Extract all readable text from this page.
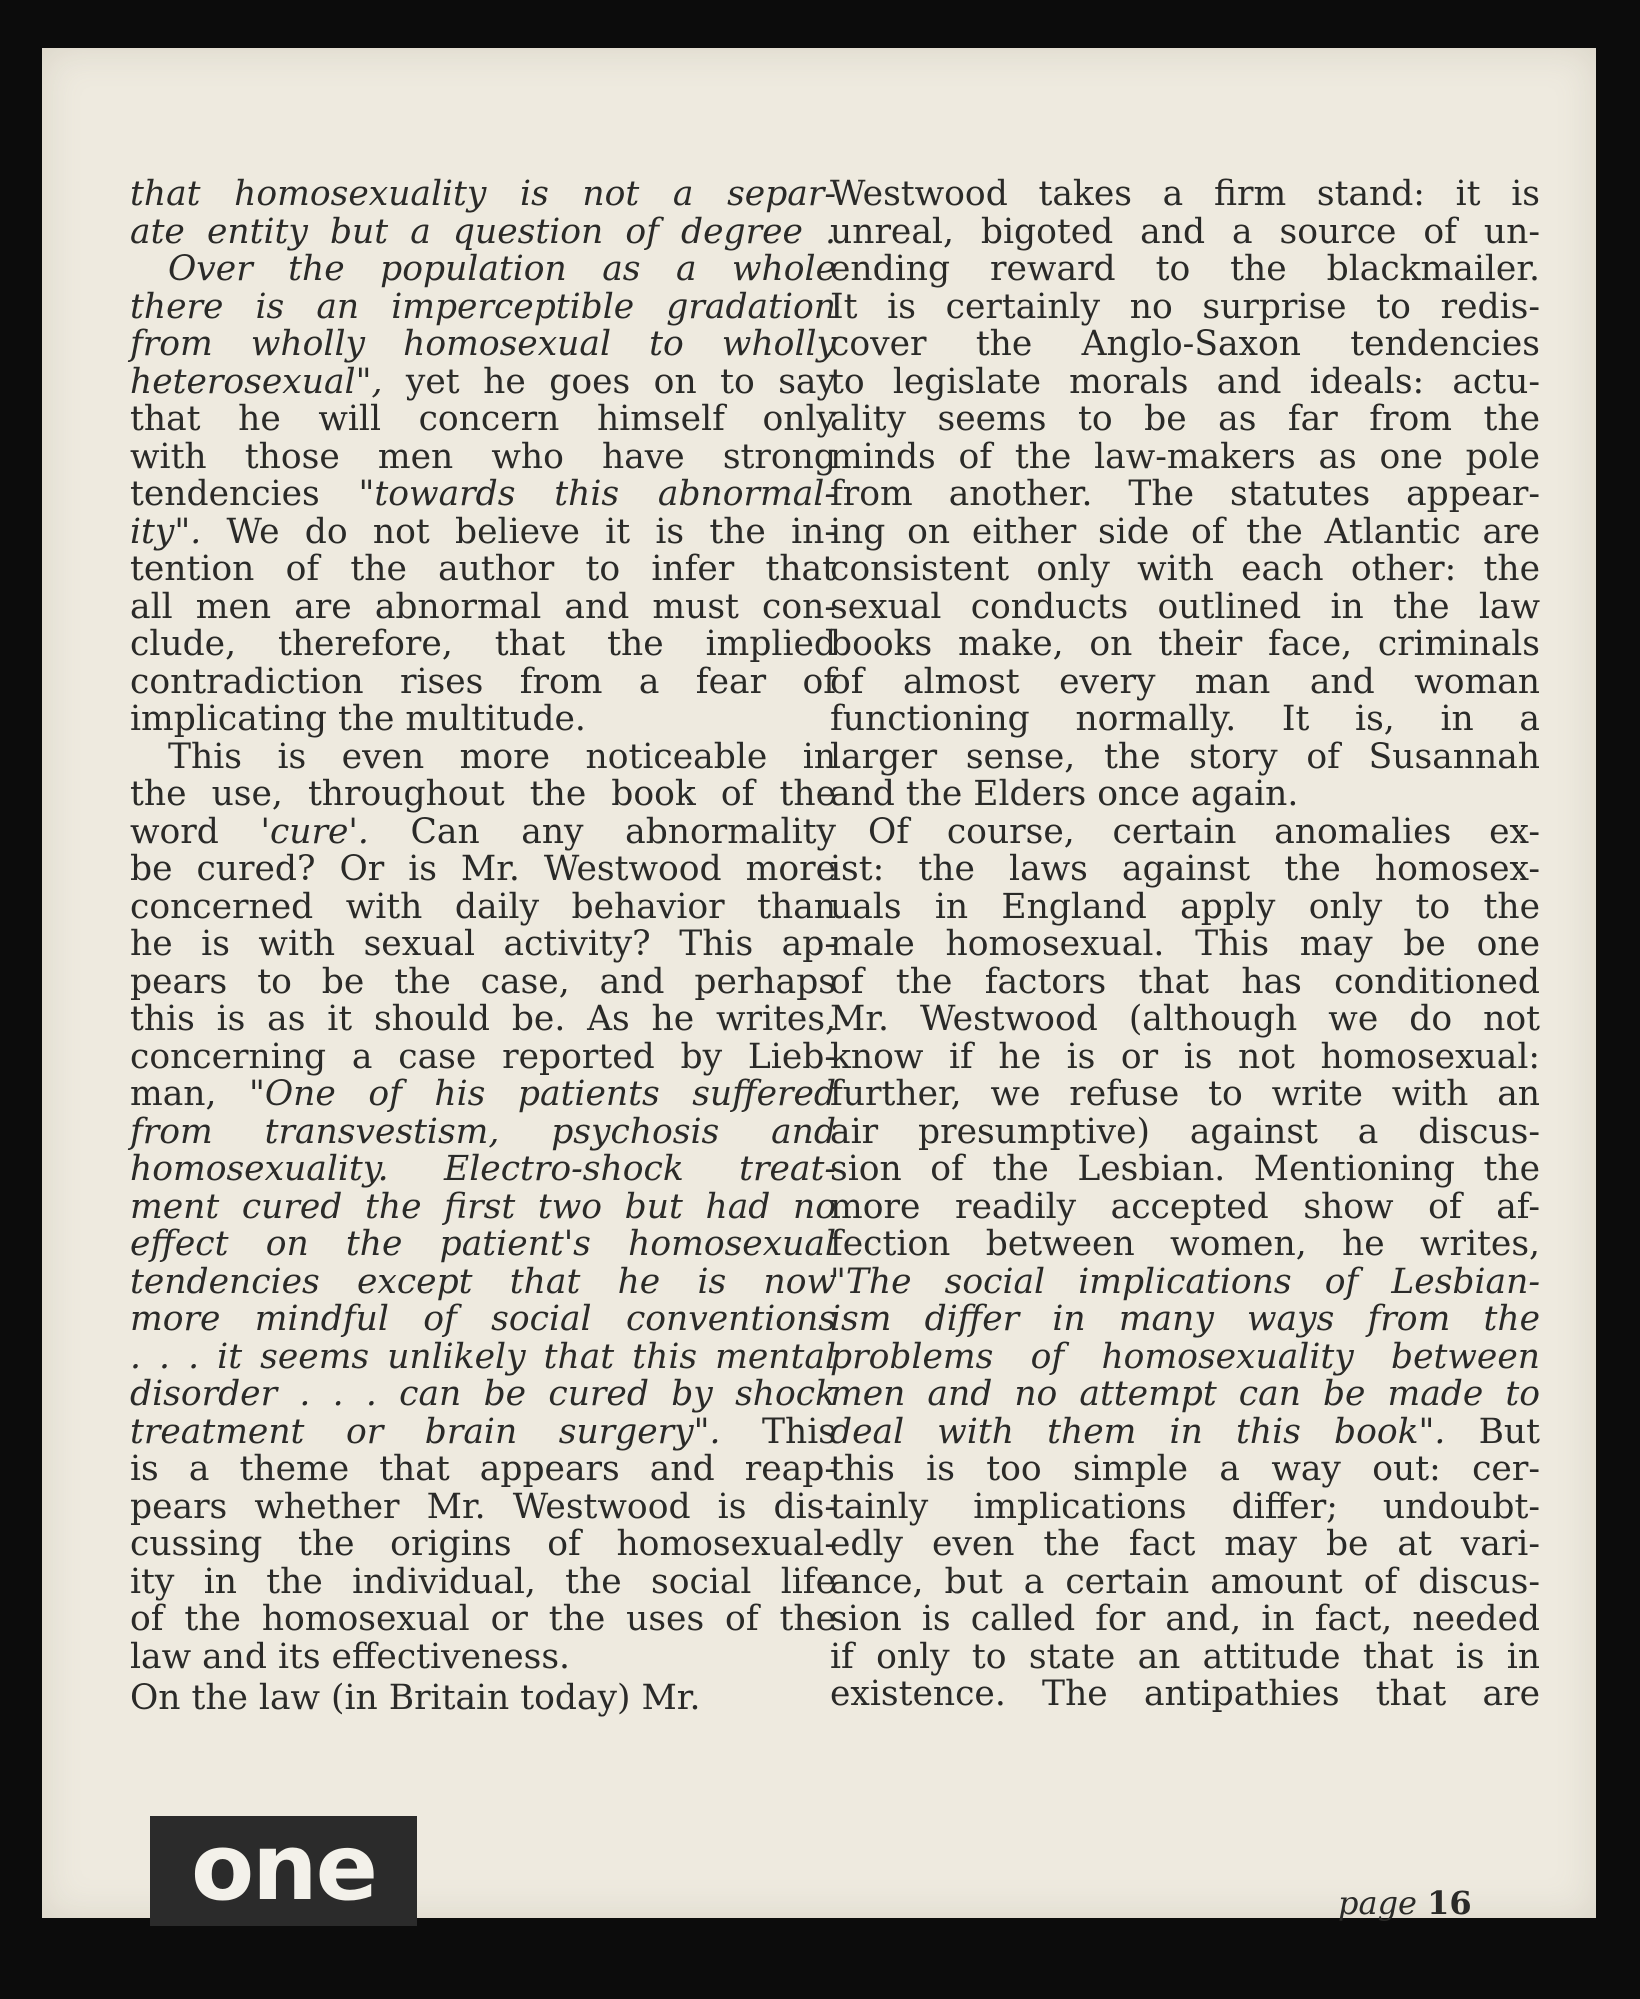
that homosexuality is not a separ-

ate entity but a question of degree .

Over the population as a whole

there is an imperceptible gradation

from wholly homosexual to wholly

heterosexual", yet he goes on to say

that he will concern himself only

with those men who have strong

tendencies "towards this abnormal-

ity". We do not believe it is the in-

tention of the author to infer that

all men are abnormal and must con-

clude, therefore, that the implied

contradiction rises from a fear of

implicating the multitude.

This is even more noticeable in

the use, throughout the book of the

word 'cure'. Can any abnormality

be cured? Or is Mr. Westwood more

concerned with daily behavior than

he is with sexual activity? This ap-

pears to be the case, and perhaps

this is as it should be. As he writes,

concerning a case reported by Lieb-

man, "One of his patients suffered

from transvestism, psychosis and

homosexuality. Electro-shock treat-

ment cured the first two but had no

effect on the patient's homosexual

tendencies except that he is now

more mindful of social conventions

. . . it seems unlikely that this mental

disorder . . . can be cured by shock

treatment or brain surgery". This

is a theme that appears and reap-

pears whether Mr. Westwood is dis-

cussing the origins of homosexual-

ity in the individual, the social life

of the homosexual or the uses of the

law and its effectiveness.

On the law (in Britain today) Mr.

Westwood takes a firm stand: it is

unreal, bigoted and a source of un-

ending reward to the blackmailer.

It is certainly no surprise to redis-

cover the Anglo-Saxon tendencies

to legislate morals and ideals: actu-

ality seems to be as far from the

minds of the law-makers as one pole

from another. The statutes appear-

ing on either side of the Atlantic are

consistent only with each other: the

sexual conducts outlined in the law

books make, on their face, criminals

of almost every man and woman

functioning normally. It is, in a

larger sense, the story of Susannah

and the Elders once again.

Of course, certain anomalies ex-

ist: the laws against the homosex-

uals in England apply only to the

male homosexual. This may be one

of the factors that has conditioned

Mr. Westwood (although we do not

know if he is or is not homosexual:

further, we refuse to write with an

air presumptive) against a discus-

sion of the Lesbian. Mentioning the

more readily accepted show of af-

fection between women, he writes,

"The social implications of Lesbian-

ism differ in many ways from the

problems of homosexuality between

men and no attempt can be made to

deal with them in this book". But

this is too simple a way out: cer-

tainly implications differ; undoubt-

edly even the fact may be at vari-

ance, but a certain amount of discus-

sion is called for and, in fact, needed

if only to state an attitude that is in

existence. The antipathies that are

one	page 16
